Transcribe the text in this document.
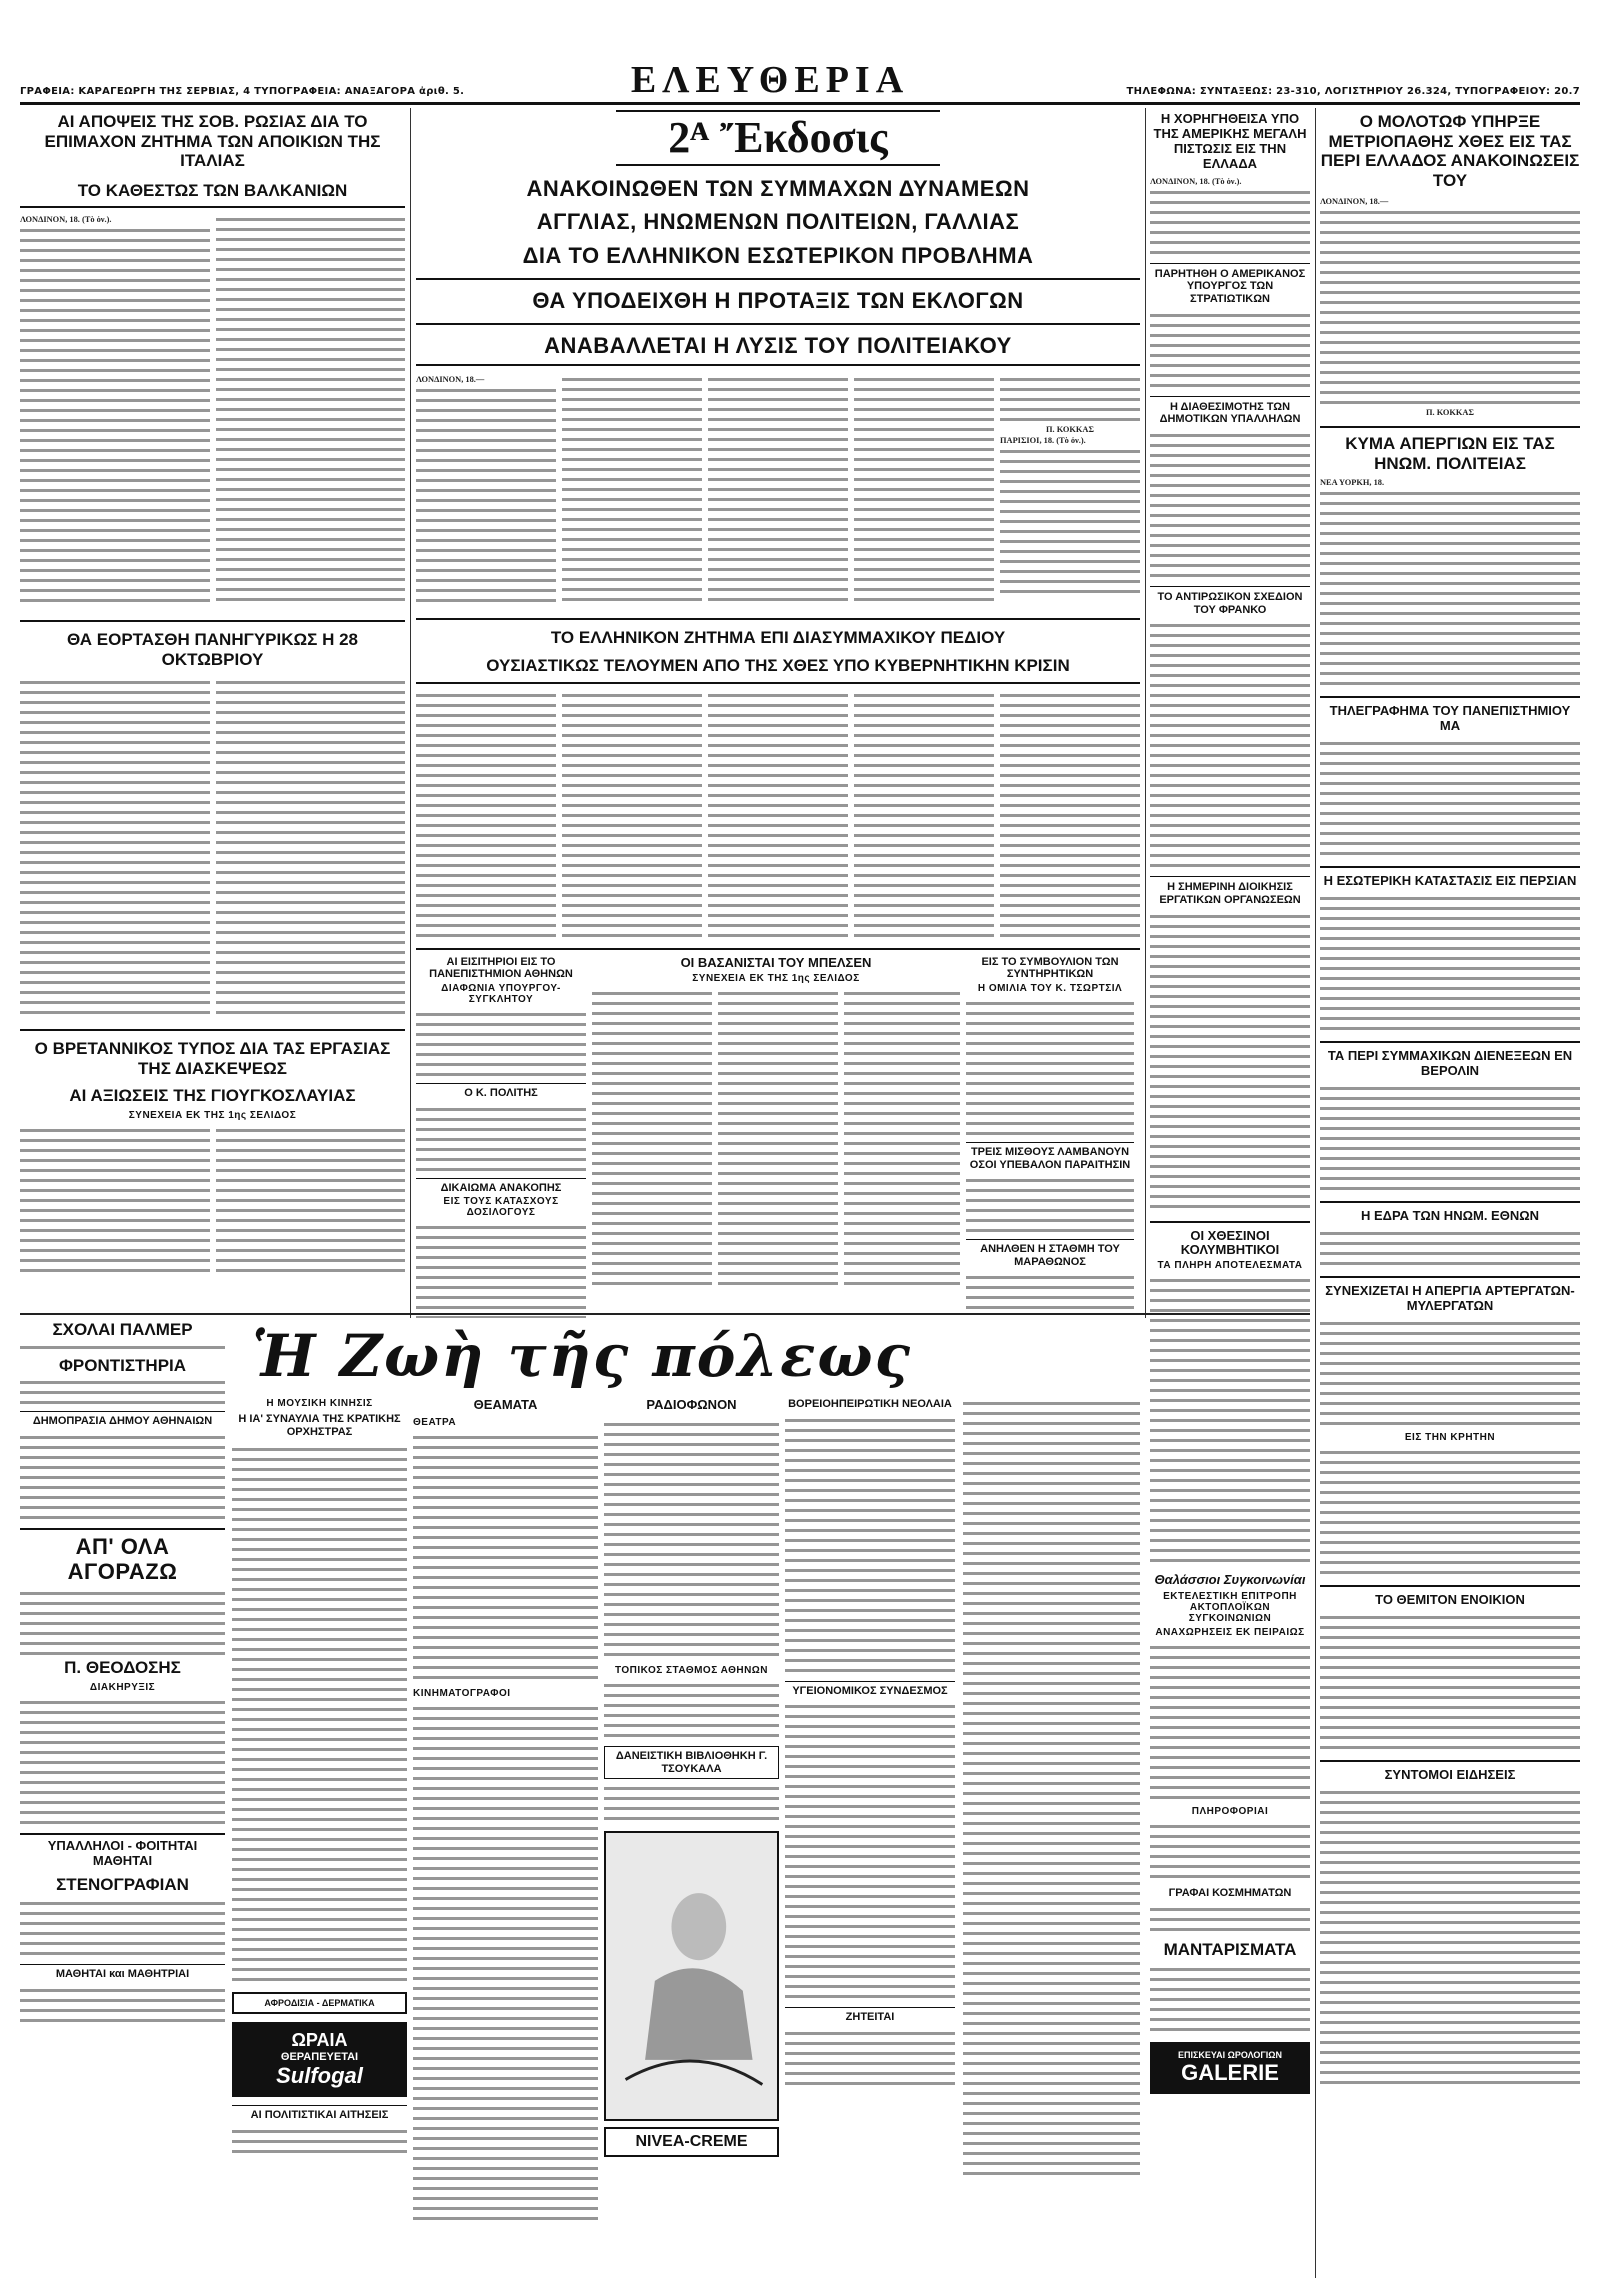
ΓΡΑΦΕΙΑ: ΚΑΡΑΓΕΩΡΓΗ ΤΗΣ ΣΕΡΒΙΑΣ, 4 ΤΥΠΟΓΡΑΦΕΙΑ: ΑΝΑΞΑΓΟΡΑ ἀριθ. 5.	ΕΛΕΥΘΕΡΙΑ	ΤΗΛΕΦΩΝΑ: ΣΥΝΤΑΞΕΩΣ: 23-310, ΛΟΓΙΣΤΗΡΙΟΥ 26.324, ΤΥΠΟΓΡΑΦΕΙΟΥ: 20.7
ΑΙ ΑΠΟΨΕΙΣ ΤΗΣ ΣΟΒ. ΡΩΣΙΑΣ ΔΙΑ ΤΟ ΕΠΙΜΑΧΟΝ ΖΗΤΗΜΑ ΤΩΝ ΑΠΟΙΚΙΩΝ ΤΗΣ ΙΤΑΛΙΑΣ
ΤΟ ΚΑΘΕΣΤΩΣ ΤΩΝ ΒΑΛΚΑΝΙΩΝ
ΛΟΝΔΙΝΟΝ, 18. (Τὸ ὀν.).
ΘΑ ΕΟΡΤΑΣΘΗ ΠΑΝΗΓΥΡΙΚΩΣ Η 28 ΟΚΤΩΒΡΙΟΥ
Ο ΒΡΕΤΑΝΝΙΚΟΣ ΤΥΠΟΣ ΔΙΑ ΤΑΣ ΕΡΓΑΣΙΑΣ ΤΗΣ ΔΙΑΣΚΕΨΕΩΣ
ΑΙ ΑΞΙΩΣΕΙΣ ΤΗΣ ΓΙΟΥΓΚΟΣΛΑΥΙΑΣ
ΣΥΝΕΧΕΙΑ ΕΚ ΤΗΣ 1ης ΣΕΛΙΔΟΣ
2ᴬ Ἔκδοσις
ΑΝΑΚΟΙΝΩΘΕΝ ΤΩΝ ΣΥΜΜΑΧΩΝ ΔΥΝΑΜΕΩΝ
ΑΓΓΛΙΑΣ, ΗΝΩΜΕΝΩΝ ΠΟΛΙΤΕΙΩΝ, ΓΑΛΛΙΑΣ
ΔΙΑ ΤΟ ΕΛΛΗΝΙΚΟΝ ΕΣΩΤΕΡΙΚΟΝ ΠΡΟΒΛΗΜΑ
ΘΑ ΥΠΟΔΕΙΧΘΗ Η ΠΡΟΤΑΞΙΣ ΤΩΝ ΕΚΛΟΓΩΝ
ΑΝΑΒΑΛΛΕΤΑΙ Η ΛΥΣΙΣ ΤΟΥ ΠΟΛΙΤΕΙΑΚΟΥ
ΛΟΝΔΙΝΟΝ, 18.—
Π. ΚΟΚΚΑΣ
ΠΑΡΙΣΙΟΙ, 18. (Τὸ ὀν.).
ΤΟ ΕΛΛΗΝΙΚΟΝ ΖΗΤΗΜΑ ΕΠΙ ΔΙΑΣΥΜΜΑΧΙΚΟΥ ΠΕΔΙΟΥ
ΟΥΣΙΑΣΤΙΚΩΣ ΤΕΛΟΥΜΕΝ ΑΠΟ ΤΗΣ ΧΘΕΣ ΥΠΟ ΚΥΒΕΡΝΗΤΙΚΗΝ ΚΡΙΣΙΝ
ΑΙ ΕΙΣΙΤΗΡΙΟΙ ΕΙΣ ΤΟ ΠΑΝΕΠΙΣΤΗΜΙΟΝ ΑΘΗΝΩΝ
ΔΙΑΦΩΝΙΑ ΥΠΟΥΡΓΟΥ-ΣΥΓΚΛΗΤΟΥ
Ο Κ. ΠΟΛΙΤΗΣ
ΔΙΚΑΙΩΜΑ ΑΝΑΚΟΠΗΣ
ΕΙΣ ΤΟΥΣ ΚΑΤΑΣΧΟΥΣ ΔΟΣΙΛΟΓΟΥΣ
ΟΙ ΒΑΣΑΝΙΣΤΑΙ ΤΟΥ ΜΠΕΛΣΕΝ
ΣΥΝΕΧΕΙΑ ΕΚ ΤΗΣ 1ης ΣΕΛΙΔΟΣ
ΕΙΣ ΤΟ ΣΥΜΒΟΥΛΙΟΝ ΤΩΝ ΣΥΝΤΗΡΗΤΙΚΩΝ
Η ΟΜΙΛΙΑ ΤΟΥ Κ. ΤΣΩΡΤΣΙΛ
ΤΡΕΙΣ ΜΙΣΘΟΥΣ ΛΑΜΒΑΝΟΥΝ ΟΣΟΙ ΥΠΕΒΑΛΟΝ ΠΑΡΑΙΤΗΣΙΝ
ΑΝΗΛΘΕΝ Η ΣΤΑΘΜΗ ΤΟΥ ΜΑΡΑΘΩΝΟΣ
Η ΧΟΡΗΓΗΘΕΙΣΑ ΥΠΟ ΤΗΣ ΑΜΕΡΙΚΗΣ ΜΕΓΑΛΗ ΠΙΣΤΩΣΙΣ ΕΙΣ ΤΗΝ ΕΛΛΑΔΑ
ΛΟΝΔΙΝΟΝ, 18. (Τὸ ὀν.).
ΠΑΡΗΤΗΘΗ Ο ΑΜΕΡΙΚΑΝΟΣ ΥΠΟΥΡΓΟΣ ΤΩΝ ΣΤΡΑΤΙΩΤΙΚΩΝ
Η ΔΙΑΘΕΣΙΜΟΤΗΣ ΤΩΝ ΔΗΜΟΤΙΚΩΝ ΥΠΑΛΛΗΛΩΝ
ΤΟ ΑΝΤΙΡΩΣΙΚΟΝ ΣΧΕΔΙΟΝ ΤΟΥ ΦΡΑΝΚΟ
Η ΣΗΜΕΡΙΝΗ ΔΙΟΙΚΗΣΙΣ ΕΡΓΑΤΙΚΩΝ ΟΡΓΑΝΩΣΕΩΝ
ΟΙ ΧΘΕΣΙΝΟΙ ΚΟΛΥΜΒΗΤΙΚΟΙ
ΤΑ ΠΛΗΡΗ ΑΠΟΤΕΛΕΣΜΑΤΑ
Θαλάσσιοι Συγκοινωνίαι
ΕΚΤΕΛΕΣΤΙΚΗ ΕΠΙΤΡΟΠΗ ΑΚΤΟΠΛΟΪΚΩΝ ΣΥΓΚΟΙΝΩΝΙΩΝ
ΑΝΑΧΩΡΗΣΕΙΣ ΕΚ ΠΕΙΡΑΙΩΣ
ΠΛΗΡΟΦΟΡΙΑΙ
ΓΡΑΦΑΙ ΚΟΣΜΗΜΑΤΩΝ
ΜΑΝΤΑΡΙΣΜΑΤΑ
ΕΠΙΣΚΕΥΑΙ ΩΡΟΛΟΓΙΩΝ
GALERIE
Ο ΜΟΛΟΤΩΦ ΥΠΗΡΞΕ ΜΕΤΡΙΟΠΑΘΗΣ ΧΘΕΣ ΕΙΣ ΤΑΣ ΠΕΡΙ ΕΛΛΑΔΟΣ ΑΝΑΚΟΙΝΩΣΕΙΣ ΤΟΥ
ΛΟΝΔΙΝΟΝ, 18.—
Π. ΚΟΚΚΑΣ
ΚΥΜΑ ΑΠΕΡΓΙΩΝ ΕΙΣ ΤΑΣ ΗΝΩΜ. ΠΟΛΙΤΕΙΑΣ
ΝΕΑ ΥΟΡΚΗ, 18.
ΤΗΛΕΓΡΑΦΗΜΑ ΤΟΥ ΠΑΝΕΠΙΣΤΗΜΙΟΥ ΜΑ
Η ΕΣΩΤΕΡΙΚΗ ΚΑΤΑΣΤΑΣΙΣ ΕΙΣ ΠΕΡΣΙΑΝ
ΤΑ ΠΕΡΙ ΣΥΜΜΑΧΙΚΩΝ ΔΙΕΝΕΞΕΩΝ ΕΝ ΒΕΡΟΛΙΝ
Η ΕΔΡΑ ΤΩΝ ΗΝΩΜ. ΕΘΝΩΝ
ΣΥΝΕΧΙΖΕΤΑΙ Η ΑΠΕΡΓΙΑ ΑΡΤΕΡΓΑΤΩΝ-ΜΥΛΕΡΓΑΤΩΝ
ΕΙΣ ΤΗΝ ΚΡΗΤΗΝ
ΤΟ ΘΕΜΙΤΟΝ ΕΝΟΙΚΙΟΝ
ΣΥΝΤΟΜΟΙ ΕΙΔΗΣΕΙΣ
ΣΧΟΛΑΙ ΠΑΛΜΕΡ
ΦΡΟΝΤΙΣΤΗΡΙΑ
ΔΗΜΟΠΡΑΣΙΑ ΔΗΜΟΥ ΑΘΗΝΑΙΩΝ
ΑΠ' ΟΛΑ
ΑΓΟΡΑΖΩ
Π. ΘΕΟΔΟΣΗΣ
ΔΙΑΚΗΡΥΞΙΣ
ΥΠΑΛΛΗΛΟΙ - ΦΟΙΤΗΤΑΙ
ΜΑΘΗΤΑΙ
ΣΤΕΝΟΓΡΑΦΙΑΝ
ΜΑΘΗΤΑΙ και ΜΑΘΗΤΡΙΑΙ
Ἡ Ζωὴ τῆς πόλεως
Η ΜΟΥΣΙΚΗ ΚΙΝΗΣΙΣ
Η ΙΑ' ΣΥΝΑΥΛΙΑ ΤΗΣ ΚΡΑΤΙΚΗΣ ΟΡΧΗΣΤΡΑΣ
ΑΦΡΟΔΙΣΙΑ - ΔΕΡΜΑΤΙΚΑ
ΩΡΑΙΑ
ΘΕΡΑΠΕΥΕΤΑΙ
Sulfogal
ΑΙ ΠΟΛΙΤΙΣΤΙΚΑΙ ΑΙΤΗΣΕΙΣ
ΘΕΑΜΑΤΑ
ΘΕΑΤΡΑ
ΚΙΝΗΜΑΤΟΓΡΑΦΟΙ
ΡΑΔΙΟΦΩΝΟΝ
ΤΟΠΙΚΟΣ ΣΤΑΘΜΟΣ ΑΘΗΝΩΝ
ΔΑΝΕΙΣΤΙΚΗ ΒΙΒΛΙΟΘΗΚΗ Γ. ΤΣΟΥΚΑΛΑ
NIVEA-CREME
ΒΟΡΕΙΟΗΠΕΙΡΩΤΙΚΗ ΝΕΟΛΑΙΑ
ΥΓΕΙΟΝΟΜΙΚΟΣ ΣΥΝΔΕΣΜΟΣ
ΖΗΤΕΙΤΑΙ
